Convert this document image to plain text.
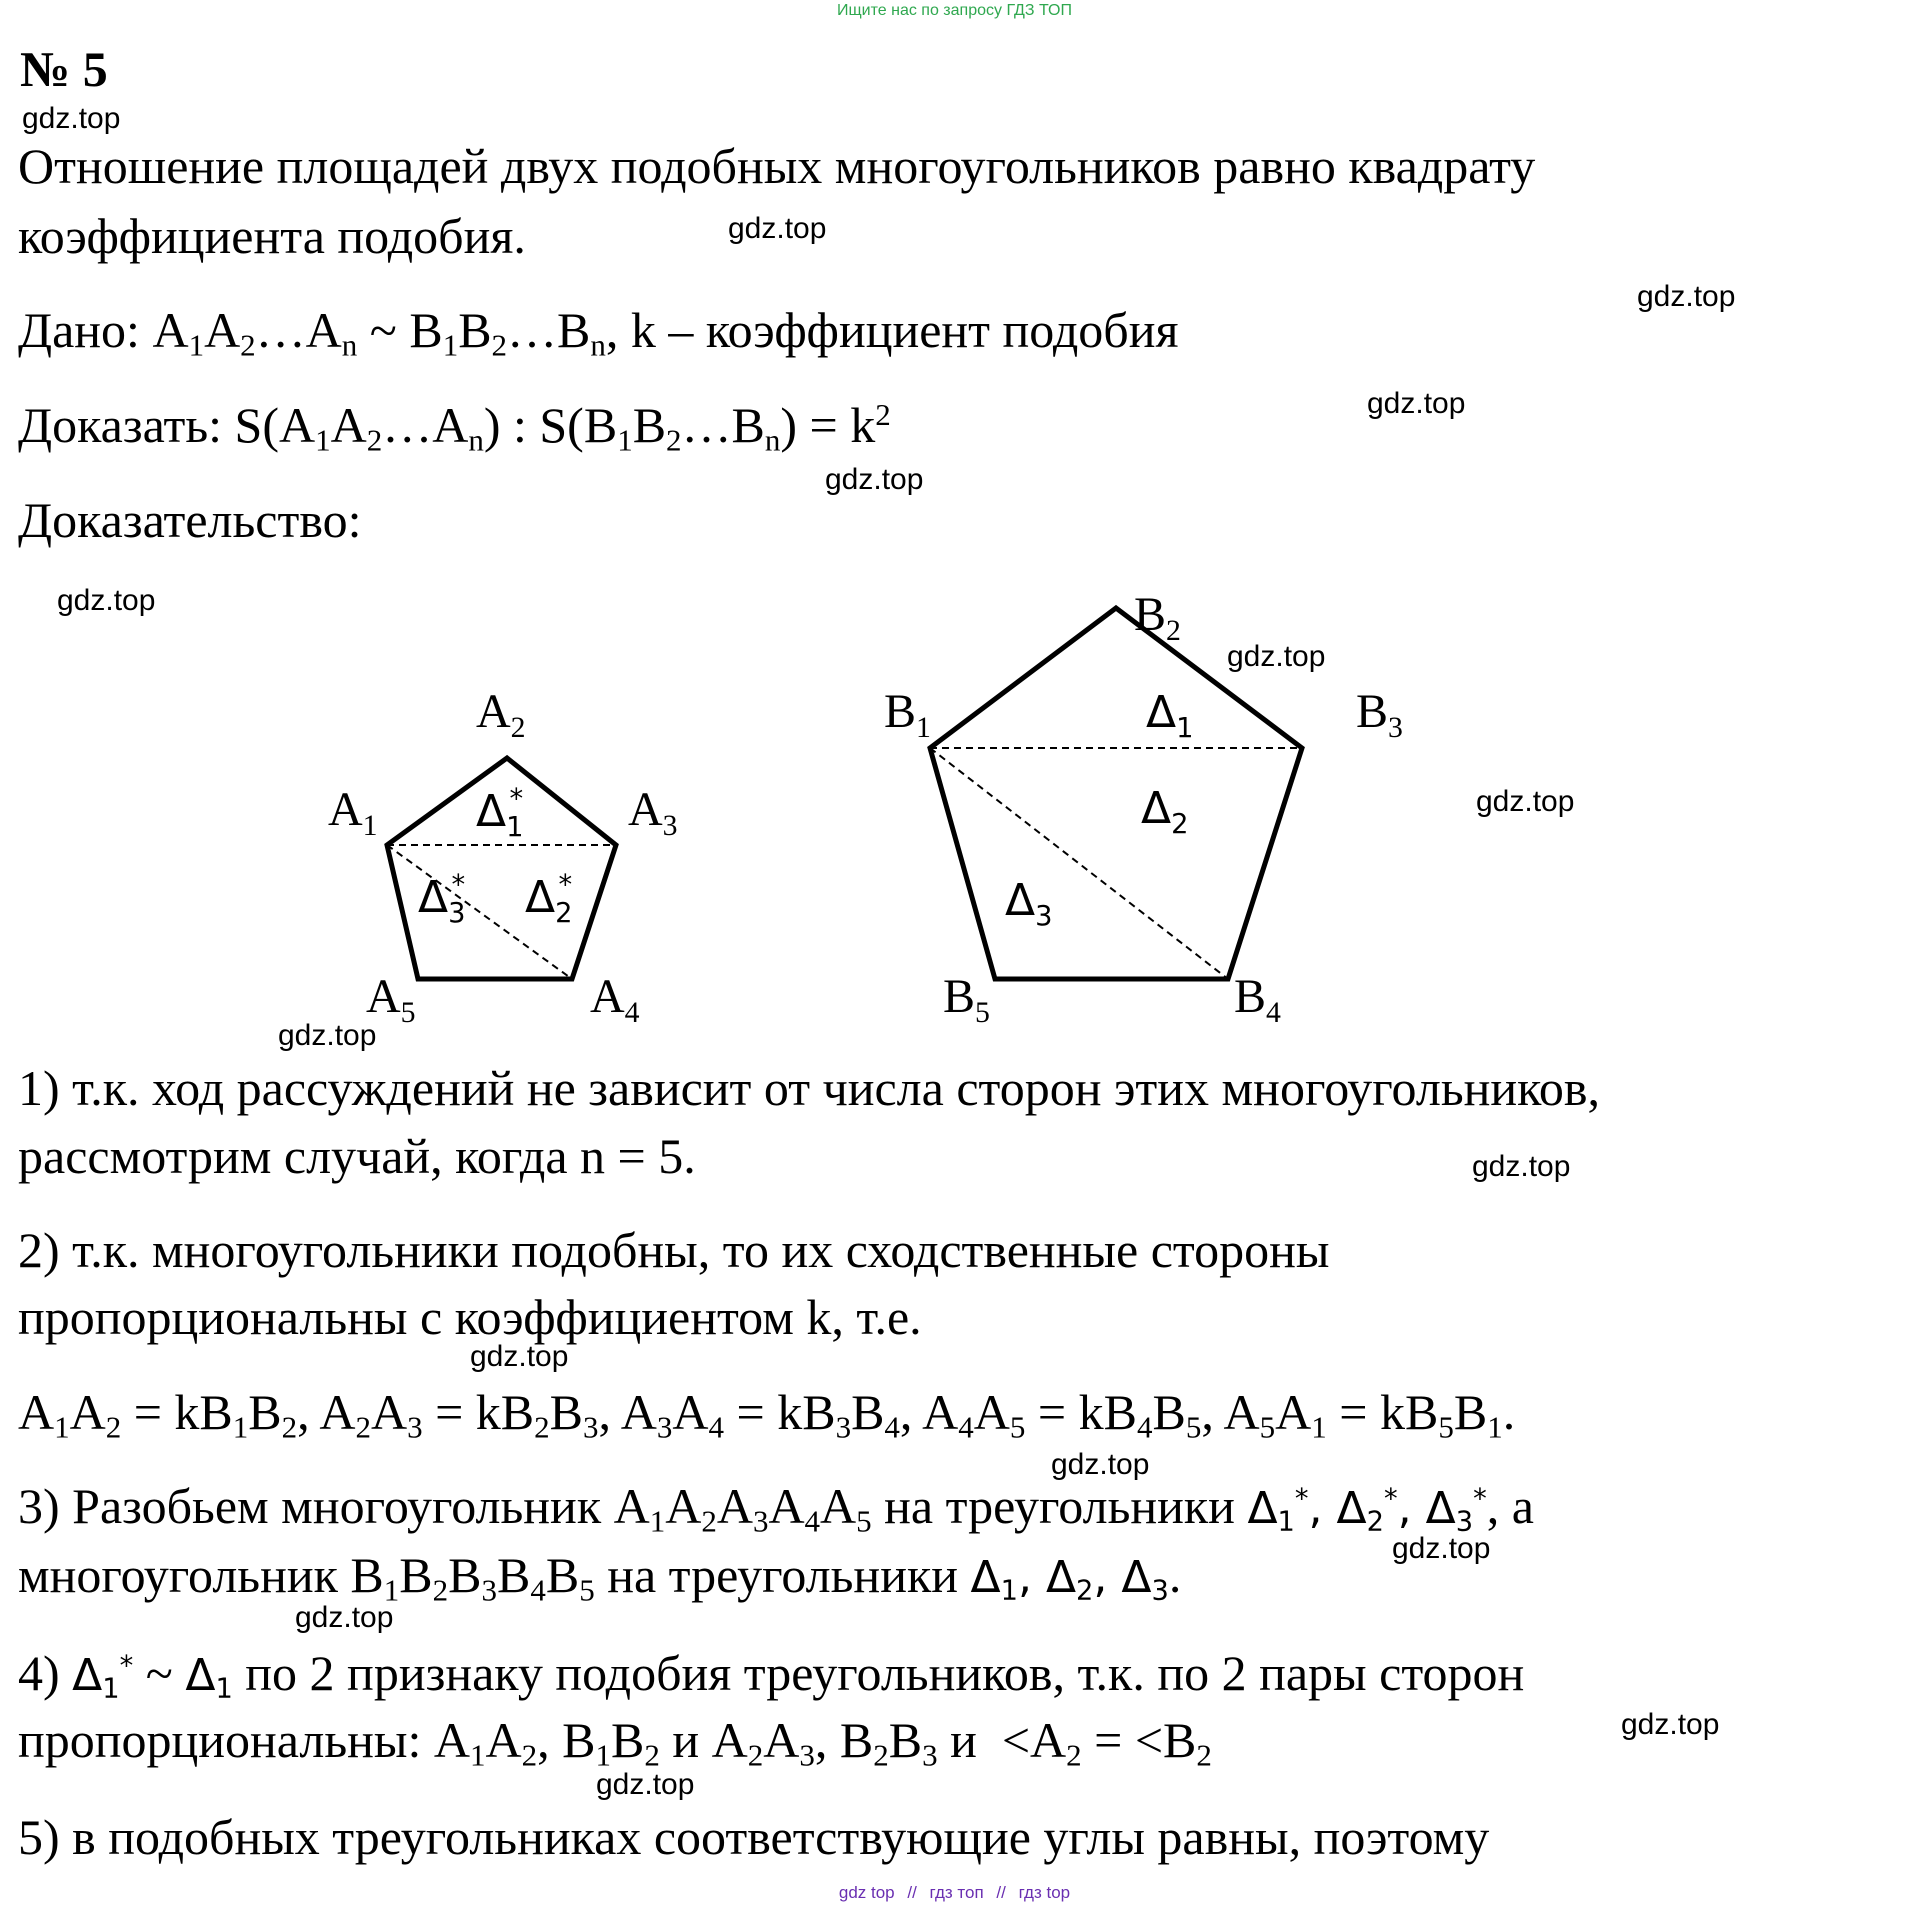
Ищите нас по запросу ГДЗ ТОП
№ 5
gdz.top
gdz.top
gdz.top
gdz.top
gdz.top
gdz.top
gdz.top
gdz.top
gdz.top
gdz.top
gdz.top
gdz.top
gdz.top
gdz.top
gdz.top
gdz.top
Отношение площадей двух подобных многоугольников равно квадрату
коэффициента подобия.
Дано: $A_1A_2\dots A_n$ ~ $B_1B_2\dots B_n$, k – коэффициент подобия
Доказать: $S(A_1A_2\dots A_n)$ : $S(B_1B_2\dots B_n) = k^2$
Доказательство:
$A_1$
$A_2$
$A_3$
$A_4$
$A_5$
$B_1$
$B_2$
$B_3$
$B_4$
$B_5$
$\Delta_1*$
$\Delta_2*$
$\Delta_3*$
$\Delta_1$
$\Delta_2$
$\Delta_3$
1) т.к. ход рассуждений не зависит от числа сторон этих многоугольников,
рассмотрим случай, когда n = 5.
2) т.к. многоугольники подобны, то их сходственные стороны
пропорциональны с коэффициентом k, т.е.
$A_1A_2 = kB_1B_2$, $A_2A_3 = kB_2B_3$, $A_3A_4 = kB_3B_4$, $A_4A_5 = kB_4B_5$, $A_5A_1 = kB_5B_1$.
3) Разобьем многоугольник $A_1A_2A_3A_4A_5$ на треугольники $\Delta_1^*$, $\Delta_2^*$, $\Delta_3^*$, а
многоугольник $B_1B_2B_3B_4B_5$ на треугольники $\Delta_1$, $\Delta_2$, $\Delta_3$.
4) $\Delta_1^*$ ~ $\Delta_1$ по 2 признаку подобия треугольников, т.к. по 2 пары сторон
пропорциональны: $A_1A_2$, $B_1B_2$ и $A_2A_3$, $B_2B_3$ $и <A_2 = <B_2$
5) в подобных треугольниках соответствующие углы равны, поэтому
gdz top // гдз топ // гдз top
